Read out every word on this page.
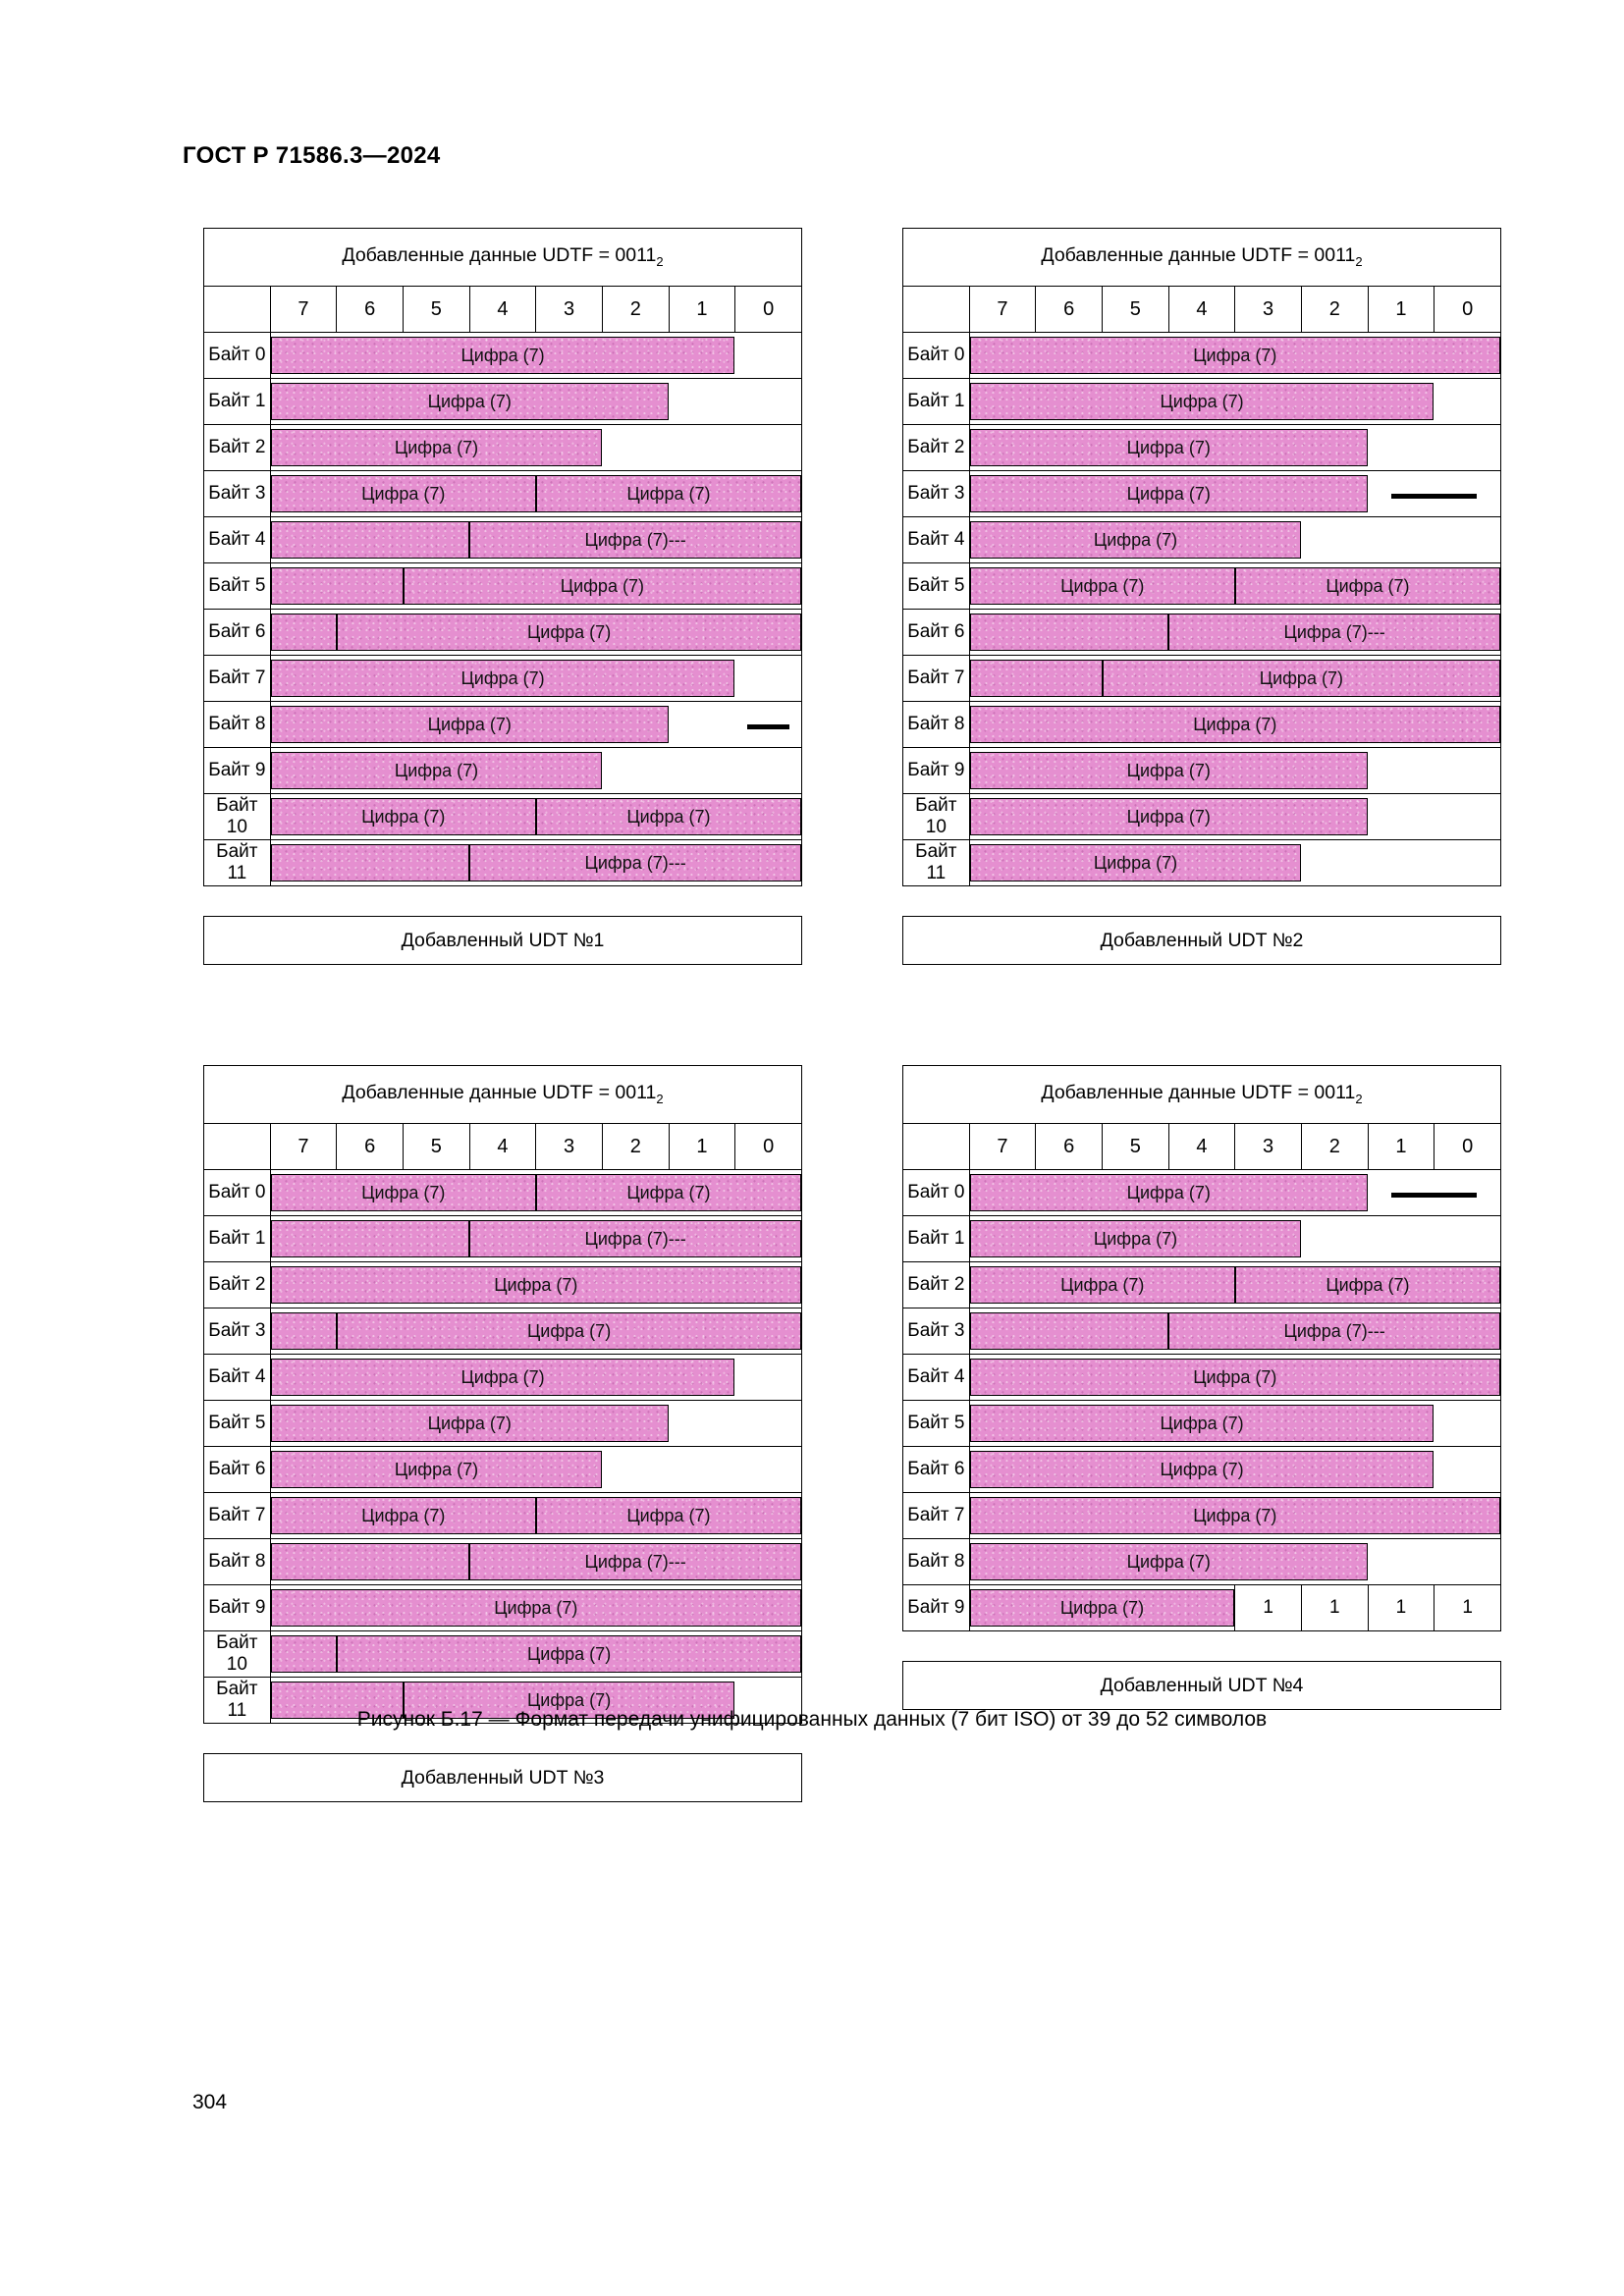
ГОСТ Р 71586.3—2024
Добавленные данные UDTF = $0011_2$
	7	6	5	4	3	2	1	0
Байт 0	Цифра (7)							

Байт 1	Цифра (7)							

Байт 2	Цифра (7)							

Байт 3	Цифра (7) Цифра (7)							

Байт 4	Цифра (7)---							

Байт 5	Цифра (7)							

Байт 6	Цифра (7)							

Байт 7	Цифра (7)							

Байт 8	Цифра (7)							

Байт 9	Цифра (7)							

Байт 10	Цифра (7) Цифра (7)							

Байт 11	Цифра (7)---							
Добавленный UDT №1
Добавленные данные UDTF = $0011_2$
	7	6	5	4	3	2	1	0
Байт 0	Цифра (7)							

Байт 1	Цифра (7)							

Байт 2	Цифра (7)							

Байт 3	Цифра (7)							

Байт 4	Цифра (7)							

Байт 5	Цифра (7) Цифра (7)							

Байт 6	Цифра (7)---							

Байт 7	Цифра (7)							

Байт 8	Цифра (7)							

Байт 9	Цифра (7)							

Байт 10	Цифра (7)							

Байт 11	Цифра (7)							
Добавленный UDT №2
Добавленные данные UDTF = $0011_2$
	7	6	5	4	3	2	1	0
Байт 0	Цифра (7) Цифра (7)							

Байт 1	Цифра (7)---							

Байт 2	Цифра (7)							

Байт 3	Цифра (7)							

Байт 4	Цифра (7)							

Байт 5	Цифра (7)							

Байт 6	Цифра (7)							

Байт 7	Цифра (7) Цифра (7)							

Байт 8	Цифра (7)---							

Байт 9	Цифра (7)							

Байт 10	Цифра (7)							

Байт 11	Цифра (7)							
Добавленный UDT №3
Добавленные данные UDTF = $0011_2$
	7	6	5	4	3	2	1	0
Байт 0	Цифра (7)							

Байт 1	Цифра (7)							

Байт 2	Цифра (7) Цифра (7)							

Байт 3	Цифра (7)---							

Байт 4	Цифра (7)							

Байт 5	Цифра (7)							

Байт 6	Цифра (7)							

Байт 7	Цифра (7)							

Байт 8	Цифра (7)							

Байт 9	Цифра (7)				1	1	1	1
Добавленный UDT №4
Рисунок Б.17 — Формат передачи унифицированных данных (7 бит ISO) от 39 до 52 символов
304
